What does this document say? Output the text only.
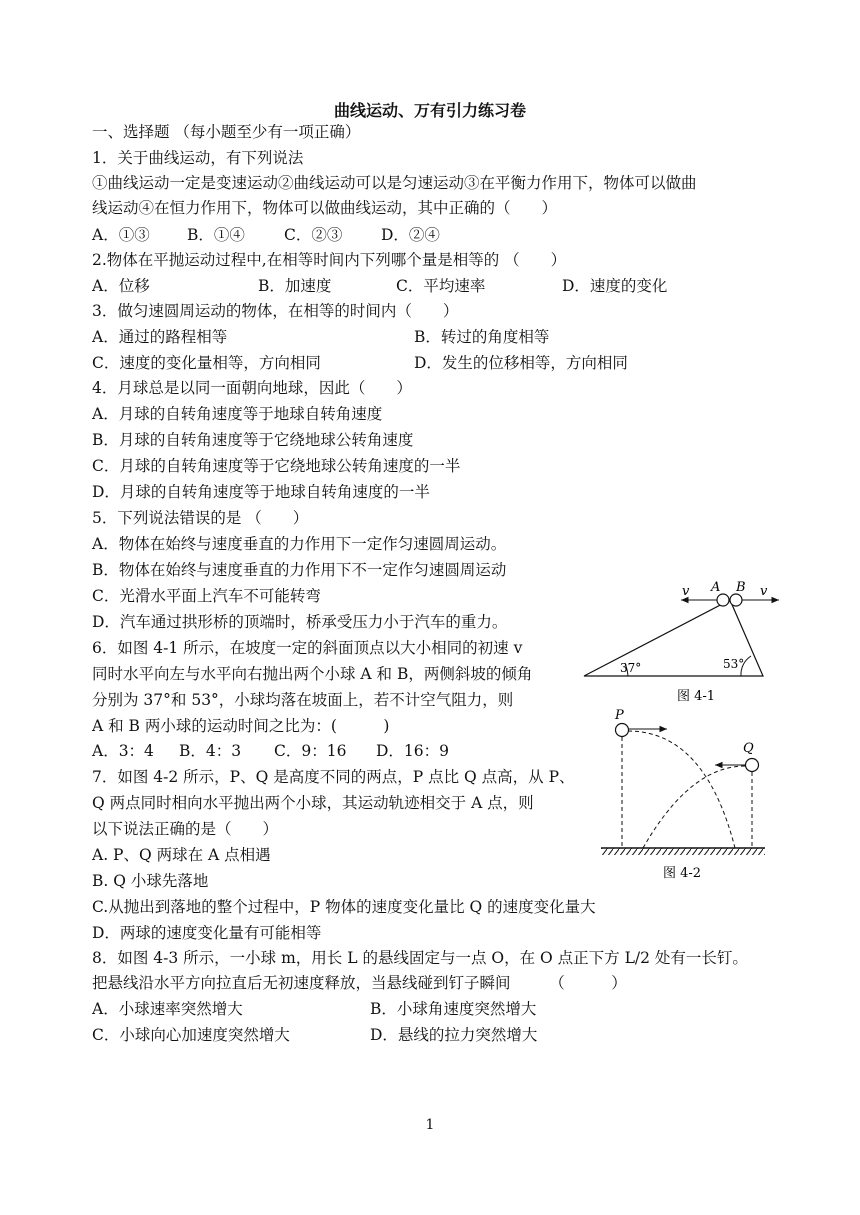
曲线运动、万有引力练习卷
一、选择题 （每小题至少有一项正确）
1．关于曲线运动，有下列说法
①曲线运动一定是变速运动②曲线运动可以是匀速运动③在平衡力作用下，物体可以做曲
线运动④在恒力作用下，物体可以做曲线运动，其中正确的（　　）
A．①③ B．①④	C．②③ D．②④
2.物体在平抛运动过程中,在相等时间内下列哪个量是相等的 （　　）
A．位移	B．加速度	C．平均速率	D．速度的变化
3．做匀速圆周运动的物体，在相等的时间内（　　）
A．通过的路程相等	B．转过的角度相等
C．速度的变化量相等，方向相同	D．发生的位移相等，方向相同
4．月球总是以同一面朝向地球，因此（　　）
A．月球的自转角速度等于地球自转角速度
B．月球的自转角速度等于它绕地球公转角速度
C．月球的自转角速度等于它绕地球公转角速度的一半
D．月球的自转角速度等于地球自转角速度的一半
5．下列说法错误的是 （　　）
A．物体在始终与速度垂直的力作用下一定作匀速圆周运动。
B．物体在始终与速度垂直的力作用下不一定作匀速圆周运动
C．光滑水平面上汽车不可能转弯
D．汽车通过拱形桥的顶端时，桥承受压力小于汽车的重力。
6．如图 4-1 所示，在坡度一定的斜面顶点以大小相同的初速 v
同时水平向左与水平向右抛出两个小球 A 和 B，两侧斜坡的倾角
分别为 37°和 53°，小球均落在坡面上，若不计空气阻力，则
A 和 B 两小球的运动时间之比为：(　　　)
A．3：4 B．4：3 C．9：16 D．16：9
7．如图 4-2 所示，P、Q 是高度不同的两点，P 点比 Q 点高，从 P、
Q 两点同时相向水平抛出两个小球，其运动轨迹相交于 A 点，则
以下说法正确的是（　　）
A. P、Q 两球在 A 点相遇
B. Q 小球先落地
C.从抛出到落地的整个过程中，P 物体的速度变化量比 Q 的速度变化量大
D．两球的速度变化量有可能相等
8．如图 4-3 所示，一小球 m，用长 L 的悬线固定与一点 O，在 O 点正下方 L/2 处有一长钉。
把悬线沿水平方向拉直后无初速度释放，当悬线碰到钉子瞬间　　　（　　　）
A．小球速率突然增大	B．小球角速度突然增大
C．小球向心加速度突然增大	D．悬线的拉力突然增大
A B
v	v
37°	53°
图 4-1
P
Q
图 4-2
1
